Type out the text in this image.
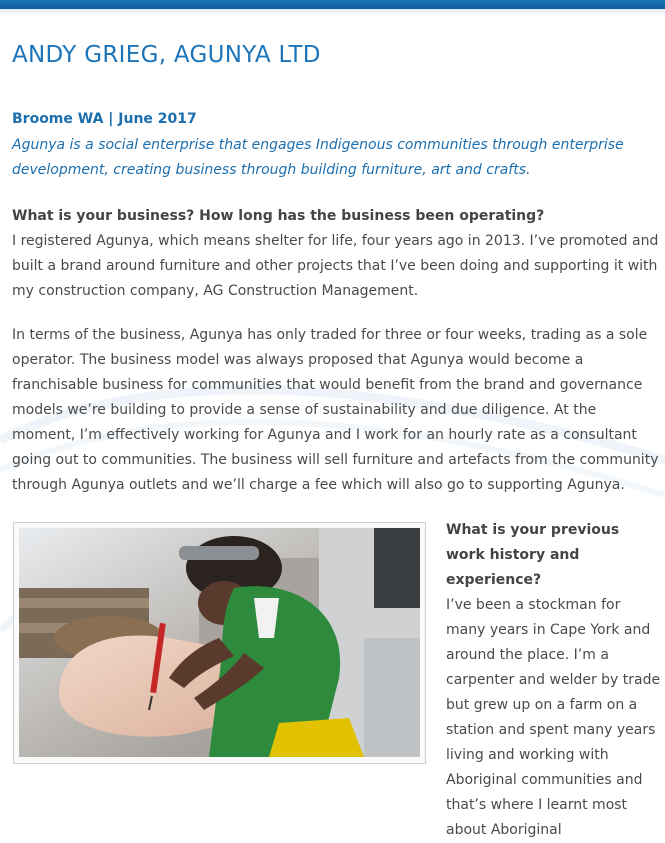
ANDY GRIEG, AGUNYA LTD

Broome WA | June 2017

Agunya is a social enterprise that engages Indigenous communities through enterprise development, creating business through building furniture, art and crafts.

What is your business? How long has the business been operating?

I registered Agunya, which means shelter for life, four years ago in 2013. I’ve promoted and built a brand around furniture and other projects that I’ve been doing and supporting it with my construction company, AG Construction Management.

In terms of the business, Agunya has only traded for three or four weeks, trading as a sole operator. The business model was always proposed that Agunya would become a franchisable business for communities that would benefit from the brand and governance models we’re building to provide a sense of sustainability and due diligence. At the moment, I’m effectively working for Agunya and I work for an hourly rate as a consultant going out to communities. The business will sell furniture and artefacts from the community through Agunya outlets and we’ll charge a fee which will also go to supporting Agunya.

What is your previous work history and experience?

I’ve been a stockman for many years in Cape York and around the place. I’m a carpenter and welder by trade but grew up on a farm on a station and spent many years living and working with Aboriginal communities and that’s where I learnt most about Aboriginal
